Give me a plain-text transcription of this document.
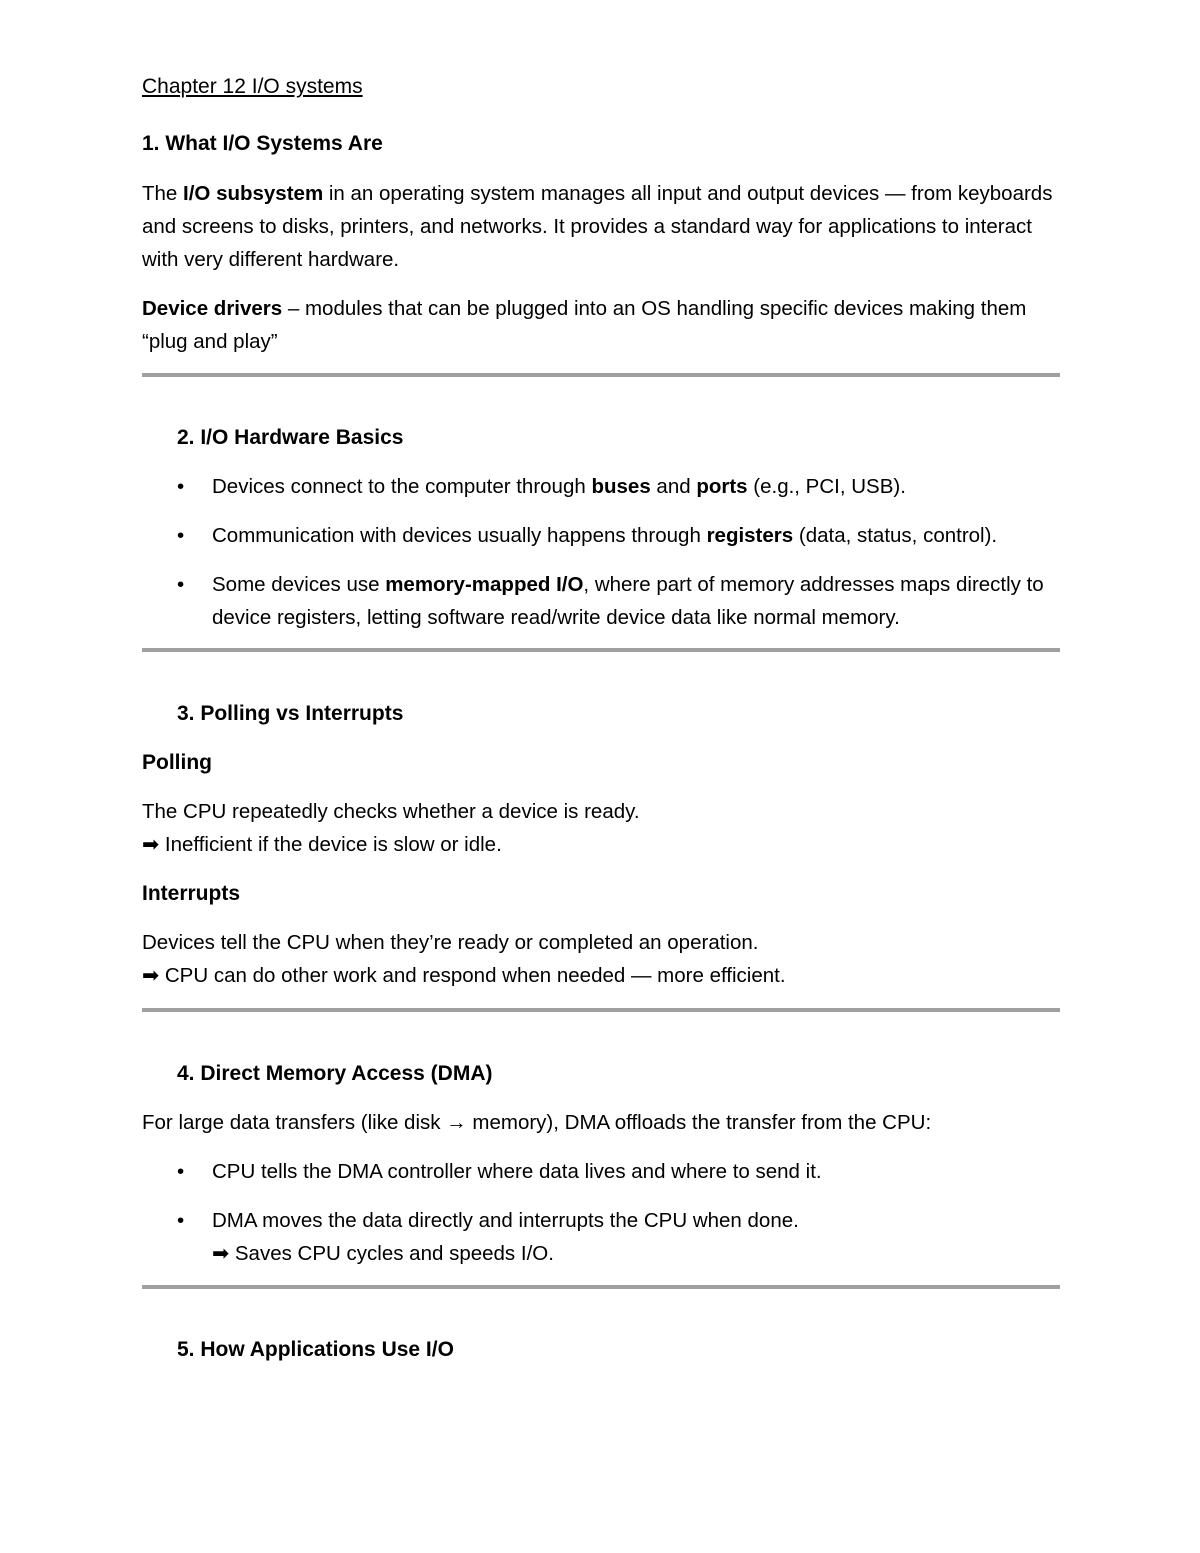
Chapter 12 I/O systems
1. What I/O Systems Are

The I/O subsystem in an operating system manages all input and output devices — from keyboards and screens to disks, printers, and networks. It provides a standard way for applications to interact with very different hardware.

Device drivers – modules that can be plugged into an OS handling specific devices making them “plug and play”

2. I/O Hardware Basics
• Devices connect to the computer through buses and ports (e.g., PCI, USB).
• Communication with devices usually happens through registers (data, status, control).
• Some devices use memory-mapped I/O, where part of memory addresses maps directly to device registers, letting software read/write device data like normal memory.
3. Polling vs Interrupts
Polling

The CPU repeatedly checks whether a device is ready.
➡ Inefficient if the device is slow or idle.

Interrupts

Devices tell the CPU when they’re ready or completed an operation.
➡ CPU can do other work and respond when needed — more efficient.

4. Direct Memory Access (DMA)

For large data transfers (like disk → memory), DMA offloads the transfer from the CPU:

• CPU tells the DMA controller where data lives and where to send it.
• DMA moves the data directly and interrupts the CPU when done.
➡ Saves CPU cycles and speeds I/O.
5. How Applications Use I/O
